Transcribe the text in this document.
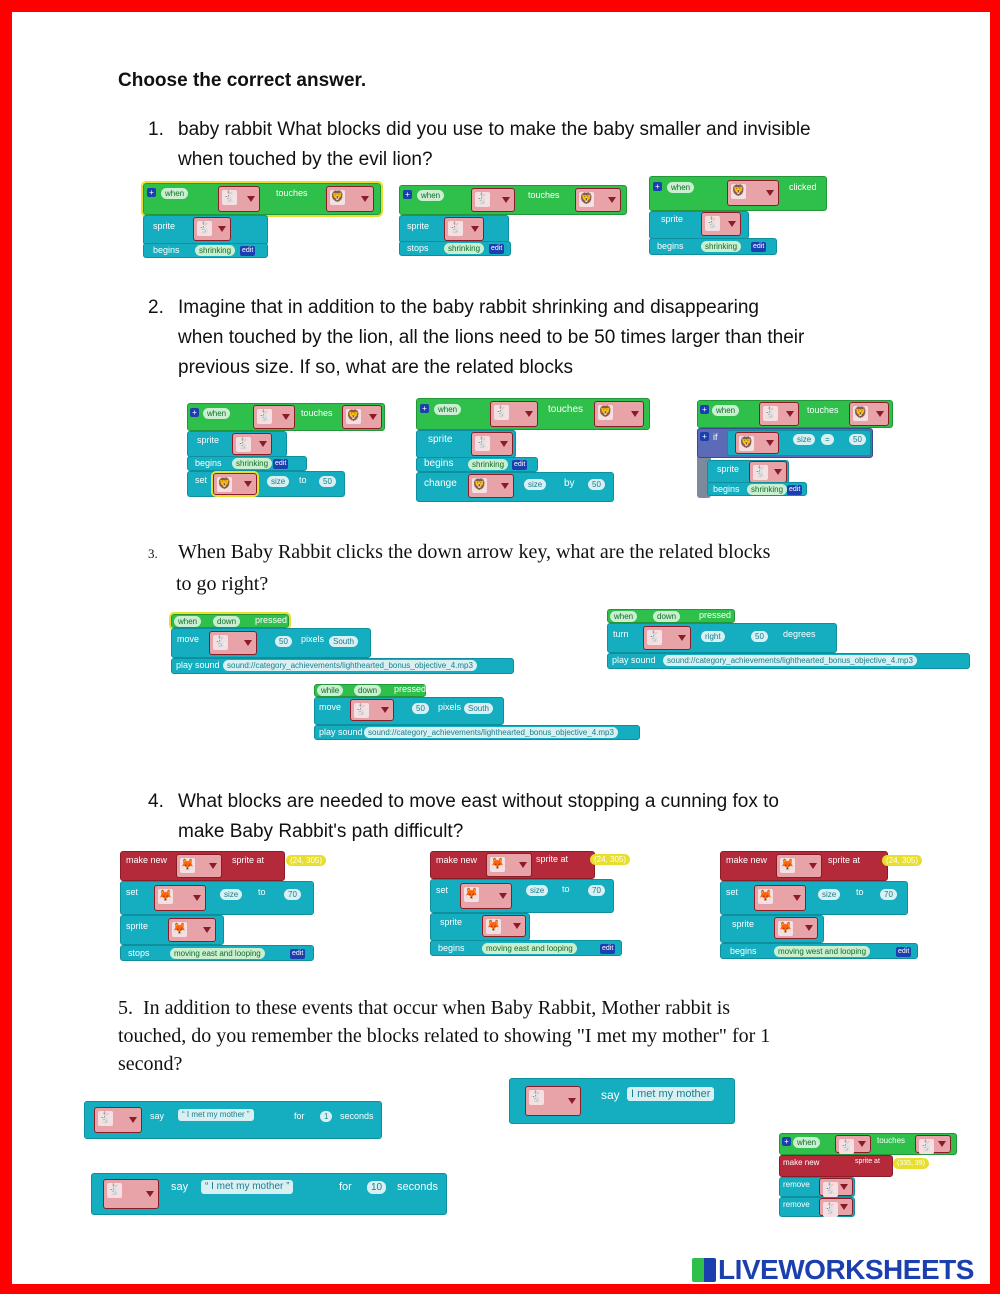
Choose the correct answer.
1. baby rabbit What blocks did you use to make the baby smaller and invisible
when touched by the evil lion?
+	when	🐇	touches 🦁
sprite 🐇
begins	shrinking	edit
+	when	🐇	touches 🦁
sprite 🐇
stops	shrinking	edit
+	when	🦁	clicked
sprite 🐇
begins	shrinking	edit
2. Imagine that in addition to the baby rabbit shrinking and disappearing
when touched by the lion, all the lions need to be 50 times larger than their
previous size. If so, what are the related blocks
+	when	🐇	touches 🦁
sprite 🐇
begins	shrinking edit
set 🦁	size	to	50
+	when	🐇	touches 🦁
sprite 🐇
begins	shrinking	edit
change 🦁	size	by	50
+	when	🐇	touches 🦁
+ if 🦁	size	=	50
sprite 🐇
begins	shrinking edit
3. When Baby Rabbit clicks the down arrow key, what are the related blocks
to go right?
when	down	pressed
move 🐇	50	pixels	South
play sound sound://category_achievements/lighthearted_bonus_objective_4.mp3
when	down	pressed
turn 🐇	right	50	degrees
play sound	sound://category_achievements/lighthearted_bonus_objective_4.mp3
while	down	pressed
move 🐇	50	pixels South
play sound sound://category_achievements/lighthearted_bonus_objective_4.mp3
4. What blocks are needed to move east without stopping a cunning fox to
make Baby Rabbit's path difficult?
make new 🦊	sprite at	(24, 305)
set 🦊	size	to	70
sprite 🦊
stops	moving east and looping	edit
make new 🦊	sprite at	(24, 305)
set 🦊	size	to	70
sprite 🦊
begins	moving east and looping	edit
make new 🦊	sprite at	(24, 305)
set 🦊	size	to	70
sprite 🦊
begins	moving west and looping	edit
5. In addition to these events that occur when Baby Rabbit, Mother rabbit is
touched, do you remember the blocks related to showing "I met my mother" for 1
second?
🐇	say	“ I met my mother ”	for	1	seconds
🐇	say	I met my mother
🐇	say	“ I met my mother ”	for	10	seconds
+	when	🐇	touches 🐇
make new	sprite at	(335, 39)
remove 🐇
remove 🐇
LIVEWORKSHEETS
